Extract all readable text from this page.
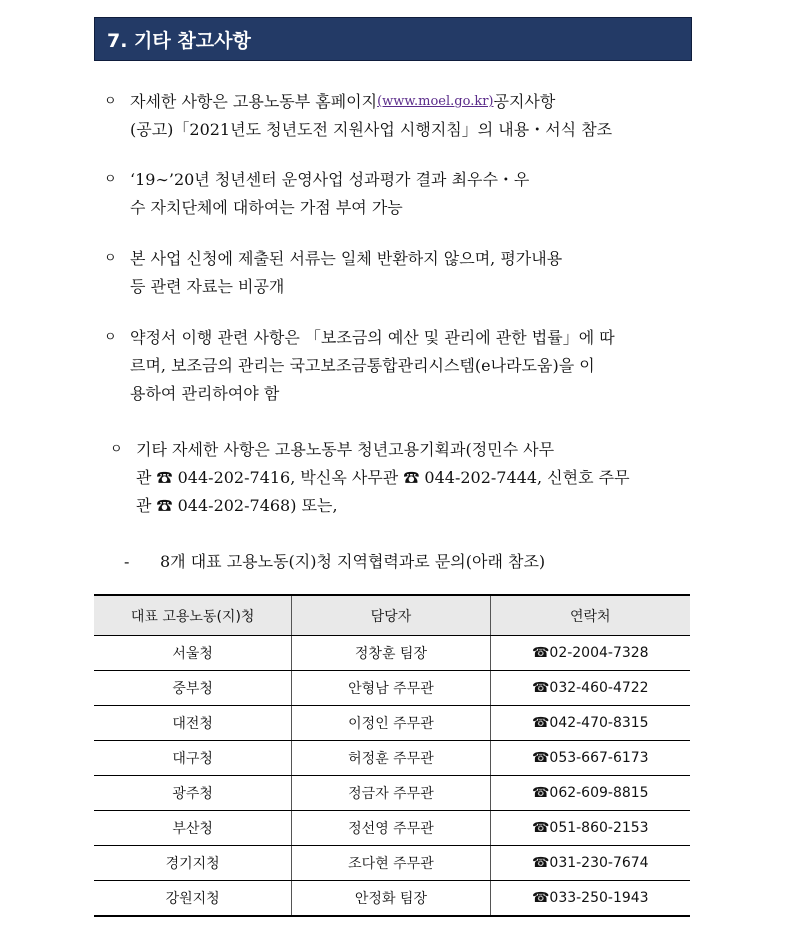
7. 기타 참고사항
ㅇ 자세한 사항은 고용노동부 홈페이지 (www.moel.go.kr) 공지사항
(공고)「2021년도 청년도전 지원사업 시행지침」의 내용・서식 참조
ㅇ ‘19∼’20년 청년센터 운영사업 성과평가 결과 최우수・우
수 자치단체에 대하여는 가점 부여 가능
ㅇ 본 사업 신청에 제출된 서류는 일체 반환하지 않으며, 평가내용
등 관련 자료는 비공개
ㅇ 약정서 이행 관련 사항은 「보조금의 예산 및 관리에 관한 법률」에 따
르며, 보조금의 관리는 국고보조금통합관리시스템(e나라도움)을 이
용하여 관리하여야 함
ㅇ 기타 자세한 사항은 고용노동부 청년고용기획과(정민수 사무
관 ☎ 044-202-7416, 박신옥 사무관 ☎ 044-202-7444, 신현호 주무
관 ☎ 044-202-7468) 또는,
-	8개 대표 고용노동(지)청 지역협력과로 문의(아래 참조)
대표 고용노동(지)청	담당자	연락처
서울청	정창훈 팀장	☎02-2004-7328
중부청	안형남 주무관	☎032-460-4722
대전청	이정인 주무관	☎042-470-8315
대구청	허정훈 주무관	☎053-667-6173
광주청	정금자 주무관	☎062-609-8815
부산청	정선영 주무관	☎051-860-2153
경기지청	조다현 주무관	☎031-230-7674
강원지청	안정화 팀장	☎033-250-1943
